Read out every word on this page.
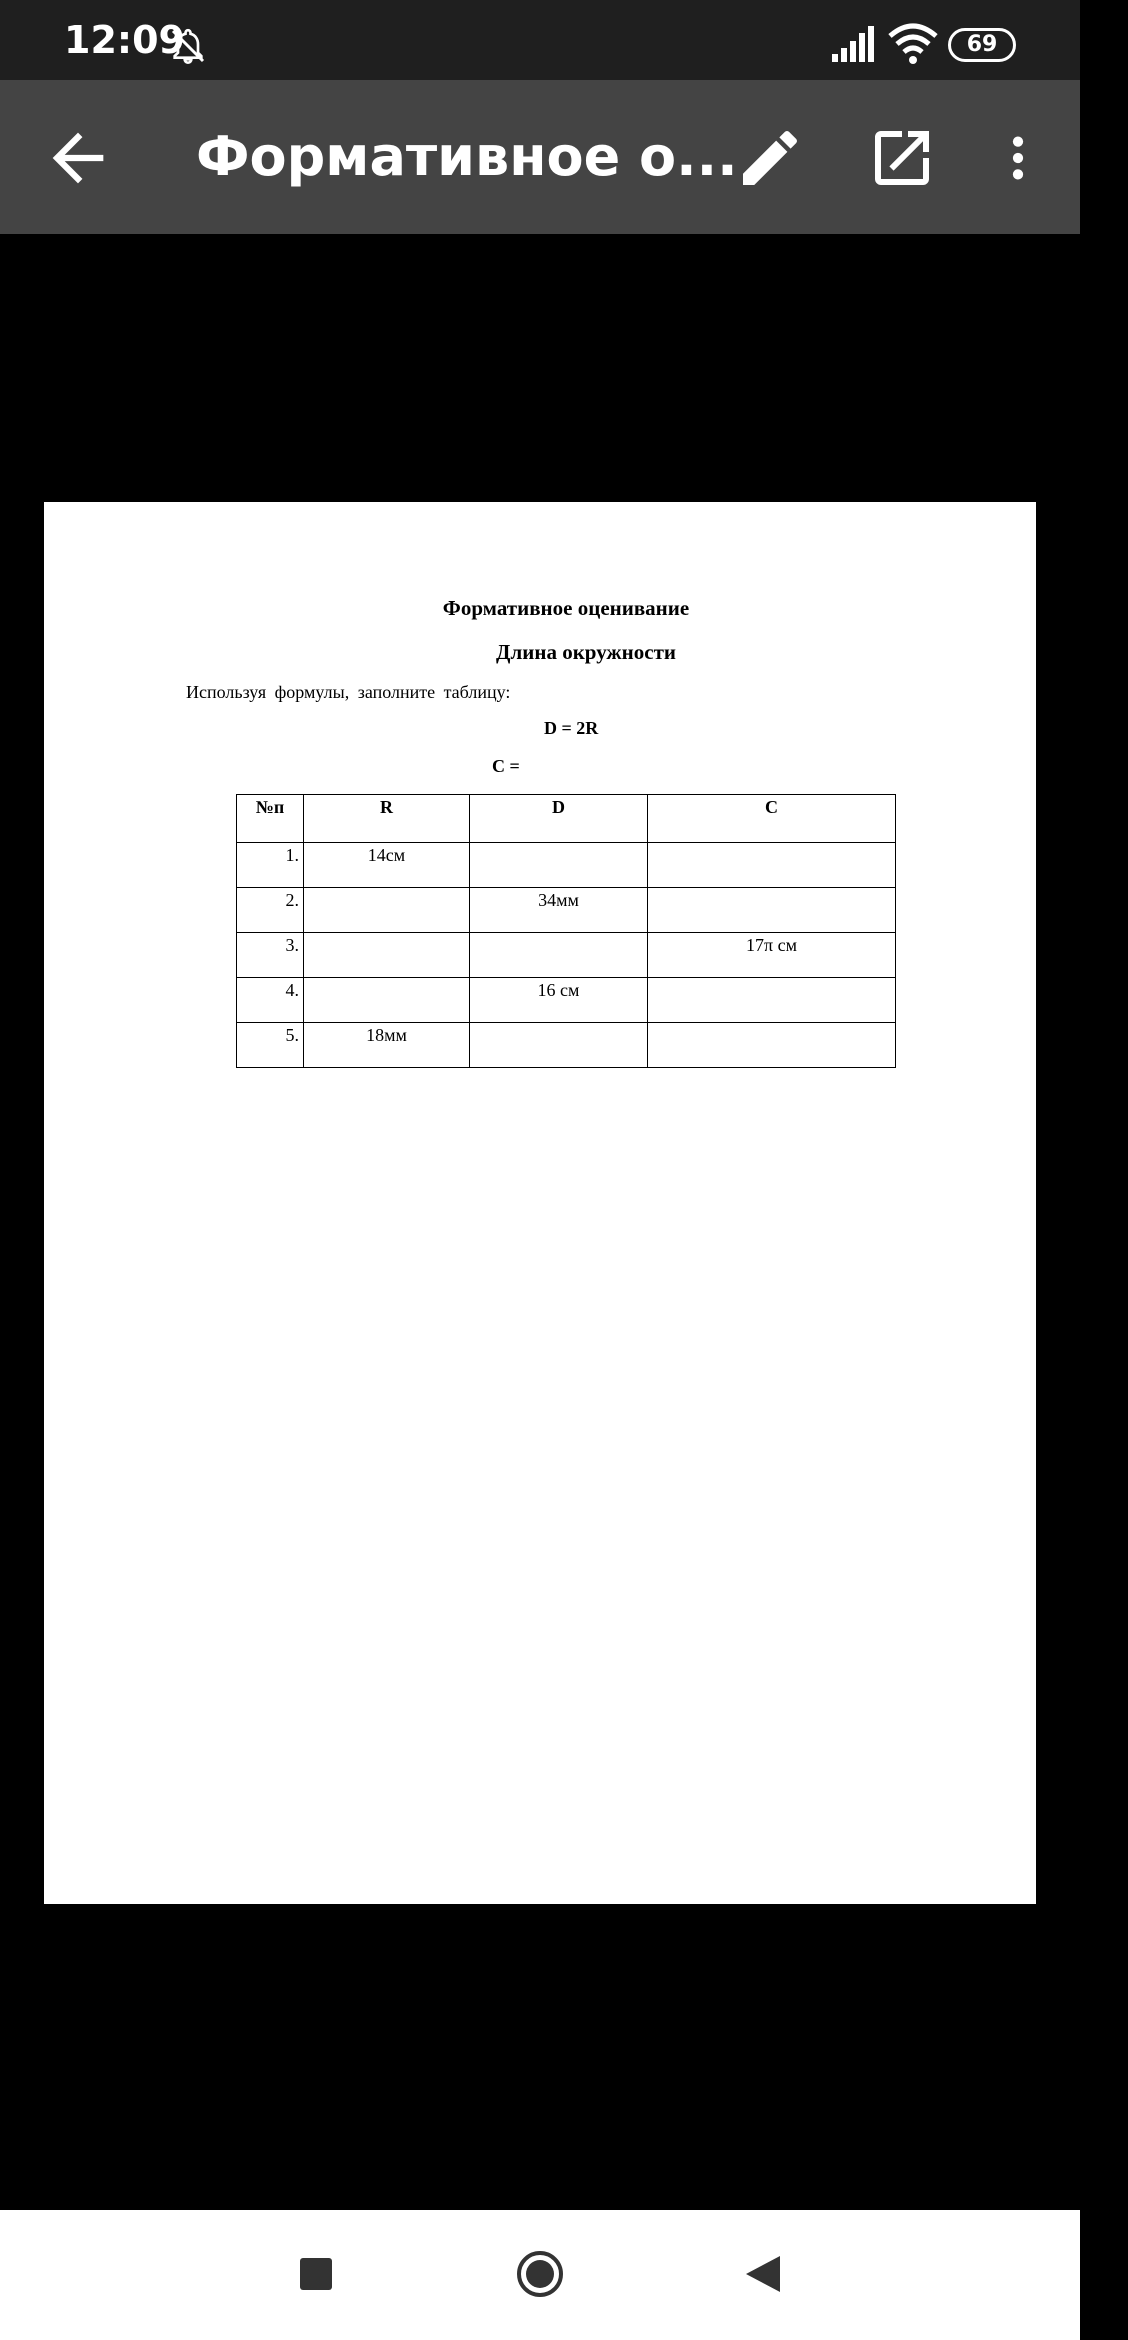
12:09	69
Формативное о...
Формативное оценивание
Длина окружности
Используя формулы, заполните таблицу:
D = 2R
С =
№п	R	D	C
1.	14см		
2.		34мм	
3.			17π см
4.		16 см	
5.	18мм		
